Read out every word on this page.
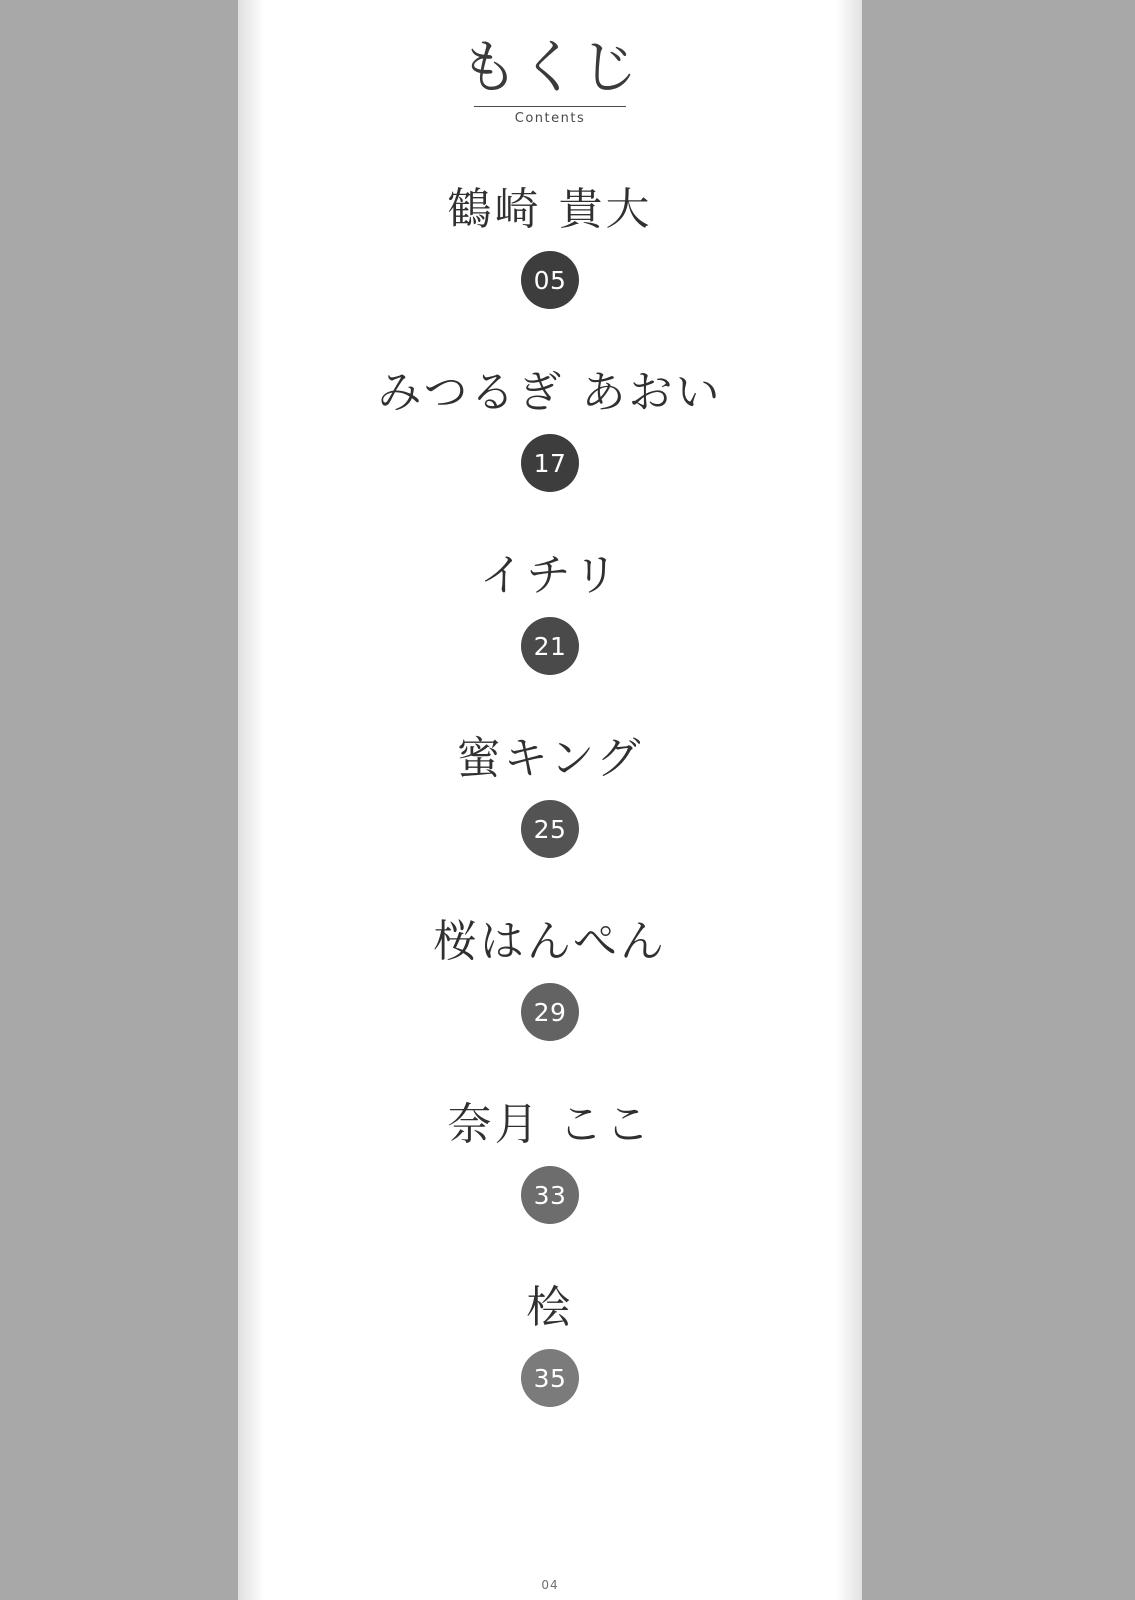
もくじ
Contents
鶴崎 貴大
05
みつるぎ あおい
17
イチリ
21
蜜キング
25
桜はんぺん
29
奈月 ここ
33
桧
35
04
